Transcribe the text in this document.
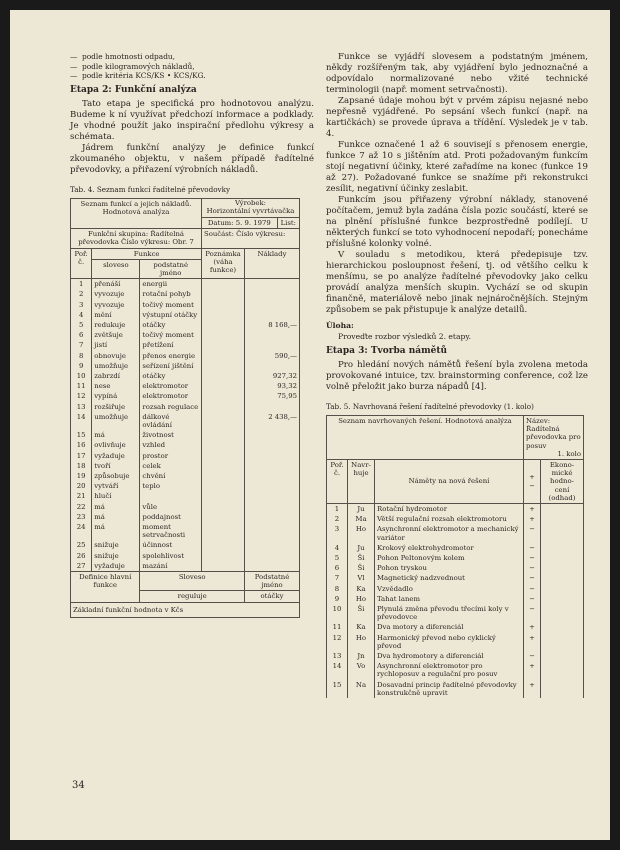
— podle hmotnosti odpadu,
— podle kilogramových nákladů,
— podle kritéria KCS/KS • KCS/KG.
Etapa 2: Funkční analýza

Tato etapa je specifická pro hodnotovou analýzu. Budeme k ní využívat předchozí informace a podklady. Je vhodné použít jako inspirační předlohu výkresy a schémata.

Jádrem funkční analýzy je definice funkcí zkoumaného objektu, v našem případě řadítelné převodovky, a přiřazení výrobních nákladů.

Tab. 4. Seznam funkcí řadítelné převodovky
Seznam funkcí a jejich nákladů. Hodnotová analýza			Výrobek:
Horizontální vyvrtávačka
Datum: 5. 9. 1979 List:	

Funkční skupina: Řadítelná převodovka Číslo výkresu: Obr. 7			Součást: Číslo výkresu:	
Poř. č.	Funkce		Poznámka (váha funkce)	Náklady
	sloveso	podstatné jméno		
1	přenáší	energii		
2	vyvozuje	rotační pohyb		
3	vyvozuje	točivý moment		
4	mění	výstupní otáčky		
5	redukuje	otáčky		8 168,—
6	zvětšuje	točivý moment		
7	jistí	přetížení		
8	obnovuje	přenos energie		590,—
9	umožňuje	seřízení jištění		
10	zabrzdí	otáčky		927,32
11	nese	elektromotor		93,32
12	vypíná	elektromotor		75,95
13	rozšiřuje	rozsah regulace		
14	umožňuje	dálkové ovládání		2 438,—
15	má	životnost		
16	ovlivňuje	vzhled		
17	vyžaduje	prostor		
18	tvoří	celek		
19	způsobuje	chvění		
20	vytváří	teplo		
21	hlučí			
22	má	vůle		
23	má	poddajnost		
24	má	moment setrvačnosti		
25	snižuje	účinnost		
26	snižuje	spolehlivost		
27	vyžaduje	mazání		
Definice hlavní funkce		Sloveso		Podstatné jméno
		reguluje		otáčky
Základní funkční hodnota v Kčs				

Funkce se vyjádří slovesem a podstatným jménem, někdy rozšířeným tak, aby vyjádření bylo jednoznačné a odpovídalo normalizované nebo vžité technické terminologii (např. moment setrvačnosti).

Zapsané údaje mohou být v prvém zápisu nejasné nebo nepřesně vyjádřené. Po sepsání všech funkcí (např. na kartičkách) se provede úprava a třídění. Výsledek je v tab. 4.

Funkce označené 1 až 6 souvisejí s přenosem energie, funkce 7 až 10 s jištěním atd. Proti požadovaným funkcím stojí negativní účinky, které zařadíme na konec (funkce 19 až 27). Požadované funkce se snažíme při rekonstrukci zesílit, negativní účinky zeslabit.

Funkcím jsou přiřazeny výrobní náklady, stanovené počítačem, jemuž byla zadána čísla pozic součástí, které se na plnění příslušné funkce bezprostředně podílejí. U některých funkcí se toto vyhodnocení nepodaří; ponecháme příslušné kolonky volné.

V souladu s metodikou, která předepisuje tzv. hierarchickou posloupnost řešení, tj. od většího celku k menšímu, se po analýze řadítelné převodovky jako celku provádí analýza menších skupin. Vychází se od skupin finančně, materiálově nebo jinak nejnáročnějších. Stejným způsobem se pak přistupuje k analýze detailů.

Úloha:
Proveďte rozbor výsledků 2. etapy.
Etapa 3: Tvorba námětů

Pro hledání nových námětů řešení byla zvolena metoda provokované intuice, tzv. brainstorming conference, což lze volně přeložit jako burza nápadů [4].

Tab. 5. Navrhovaná řešení řadítelné převodovky (1. kolo)
Seznam navrhovaných řešení. Hodnotová analýza			Název:
Řadítelná převodovka pro posuv
1. kolo	

Poř. č.	Navr-huje	Náměty na nová řešení	+ −	Ekono-mické hodno-cení (odhad)
1	Ju	Rotační hydromotor	+	
2	Ma	Větší regulační rozsah elektromotoru	+	
3	Ho	Asynchronní elektromotor a mechanický variátor	−	
4	Ju	Krokový elektrohydromotor	−	
5	Ši	Pohon Peltonovým kolem	−	
6	Ši	Pohon tryskou	−	
7	Vl	Magnetický nadzvednout	−	
8	Ka	Vzvědadlo	−	
9	Ho	Tahat lanem	−	
10	Ši	Plynulá změna převodu třecími koly v převodovce	−	
11	Ka	Dva motory a diferenciál	+	
12	Ho	Harmonický převod nebo cyklický převod	+	
13	Jn	Dva hydromotory a diferenciál	−	
14	Vo	Asynchronní elektromotor pro rychloposuv a regulační pro posuv	+	
15	Na	Dosavadní princip řadítelné převodovky konstrukčně upravit	+	
34
